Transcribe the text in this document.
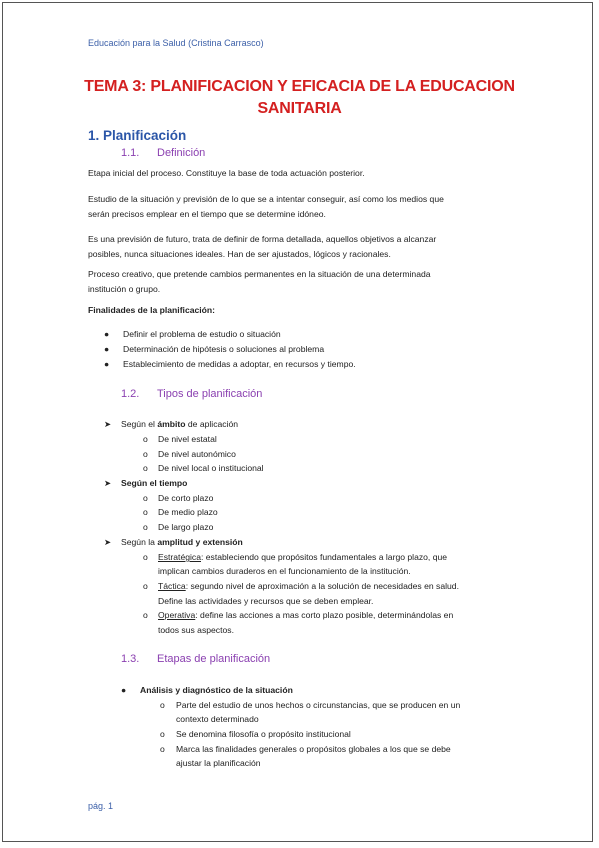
Educación para la Salud (Cristina Carrasco)
TEMA 3: PLANIFICACION Y EFICACIA DE LA EDUCACION
SANITARIA
1. Planificación
1.1. Definición
Etapa inicial del proceso. Constituye la base de toda actuación posterior.
Estudio de la situación y previsión de lo que se a intentar conseguir, así como los medios que
serán precisos emplear en el tiempo que se determine idóneo.
Es una previsión de futuro, trata de definir de forma detallada, aquellos objetivos a alcanzar
posibles, nunca situaciones ideales. Han de ser ajustados, lógicos y racionales.
Proceso creativo, que pretende cambios permanentes en la situación de una determinada
institución o grupo.
Finalidades de la planificación:
● Definir el problema de estudio o situación
● Determinación de hipótesis o soluciones al problema
● Establecimiento de medidas a adoptar, en recursos y tiempo.
1.2. Tipos de planificación
➤ Según el ámbito de aplicación
o De nivel estatal
o De nivel autonómico
o De nivel local o institucional
➤ Según el tiempo
o De corto plazo
o De medio plazo
o De largo plazo
➤ Según la amplitud y extensión
o Estratégica: estableciendo que propósitos fundamentales a largo plazo, que
implican cambios duraderos en el funcionamiento de la institución.
o Táctica: segundo nivel de aproximación a la solución de necesidades en salud.
Define las actividades y recursos que se deben emplear.
o Operativa: define las acciones a mas corto plazo posible, determinándolas en
todos sus aspectos.
1.3. Etapas de planificación
● Análisis y diagnóstico de la situación
o Parte del estudio de unos hechos o circunstancias, que se producen en un
contexto determinado
o Se denomina filosofía o propósito institucional
o Marca las finalidades generales o propósitos globales a los que se debe
ajustar la planificación
pág. 1
